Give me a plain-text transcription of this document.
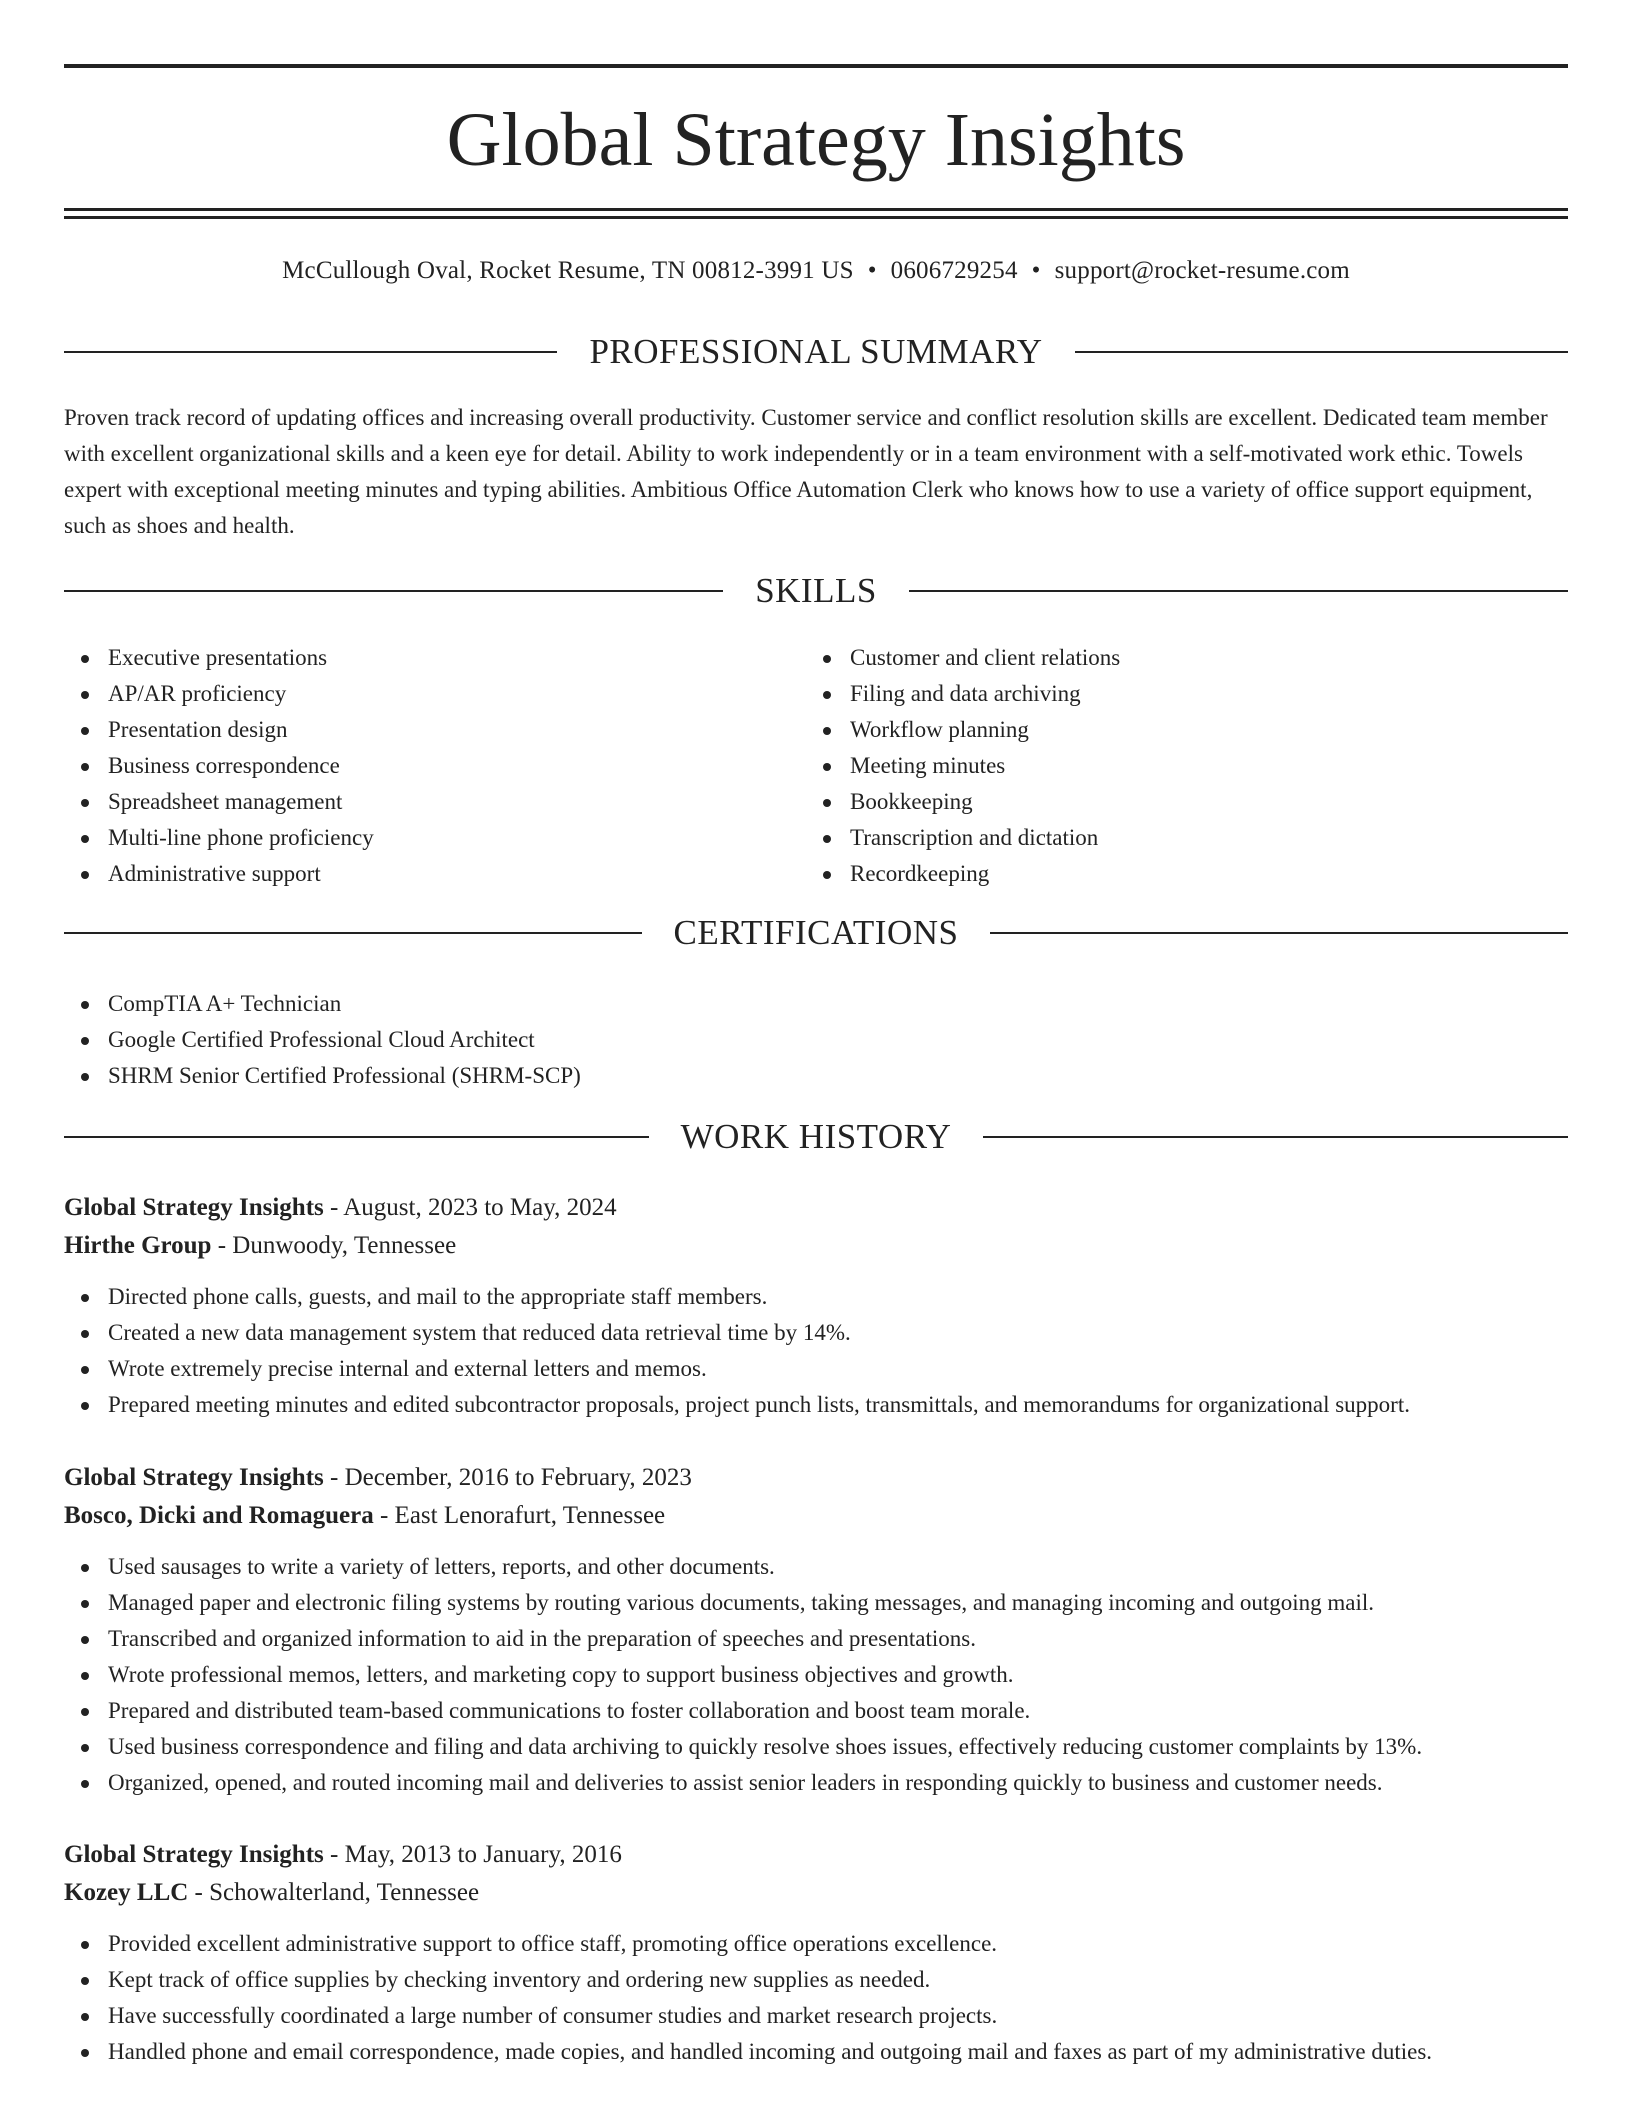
Global Strategy Insights
McCullough Oval, Rocket Resume, TN 00812-3991 US • 0606729254 • support@rocket-resume.com
PROFESSIONAL SUMMARY

Proven track record of updating offices and increasing overall productivity. Customer service and conflict resolution skills are excellent. Dedicated team member with excellent organizational skills and a keen eye for detail. Ability to work independently or in a team environment with a self-motivated work ethic. Towels expert with exceptional meeting minutes and typing abilities. Ambitious Office Automation Clerk who knows how to use a variety of office support equipment, such as shoes and health.

SKILLS
Executive presentations
AP/AR proficiency
Presentation design
Business correspondence
Spreadsheet management
Multi-line phone proficiency
Administrative support
Customer and client relations
Filing and data archiving
Workflow planning
Meeting minutes
Bookkeeping
Transcription and dictation
Recordkeeping
CERTIFICATIONS
CompTIA A+ Technician
Google Certified Professional Cloud Architect
SHRM Senior Certified Professional (SHRM-SCP)
WORK HISTORY
Global Strategy Insights - August, 2023 to May, 2024
Hirthe Group - Dunwoody, Tennessee
Directed phone calls, guests, and mail to the appropriate staff members.
Created a new data management system that reduced data retrieval time by 14%.
Wrote extremely precise internal and external letters and memos.
Prepared meeting minutes and edited subcontractor proposals, project punch lists, transmittals, and memorandums for organizational support.
Global Strategy Insights - December, 2016 to February, 2023
Bosco, Dicki and Romaguera - East Lenorafurt, Tennessee
Used sausages to write a variety of letters, reports, and other documents.
Managed paper and electronic filing systems by routing various documents, taking messages, and managing incoming and outgoing mail.
Transcribed and organized information to aid in the preparation of speeches and presentations.
Wrote professional memos, letters, and marketing copy to support business objectives and growth.
Prepared and distributed team-based communications to foster collaboration and boost team morale.
Used business correspondence and filing and data archiving to quickly resolve shoes issues, effectively reducing customer complaints by 13%.
Organized, opened, and routed incoming mail and deliveries to assist senior leaders in responding quickly to business and customer needs.
Global Strategy Insights - May, 2013 to January, 2016
Kozey LLC - Schowalterland, Tennessee
Provided excellent administrative support to office staff, promoting office operations excellence.
Kept track of office supplies by checking inventory and ordering new supplies as needed.
Have successfully coordinated a large number of consumer studies and market research projects.
Handled phone and email correspondence, made copies, and handled incoming and outgoing mail and faxes as part of my administrative duties.
